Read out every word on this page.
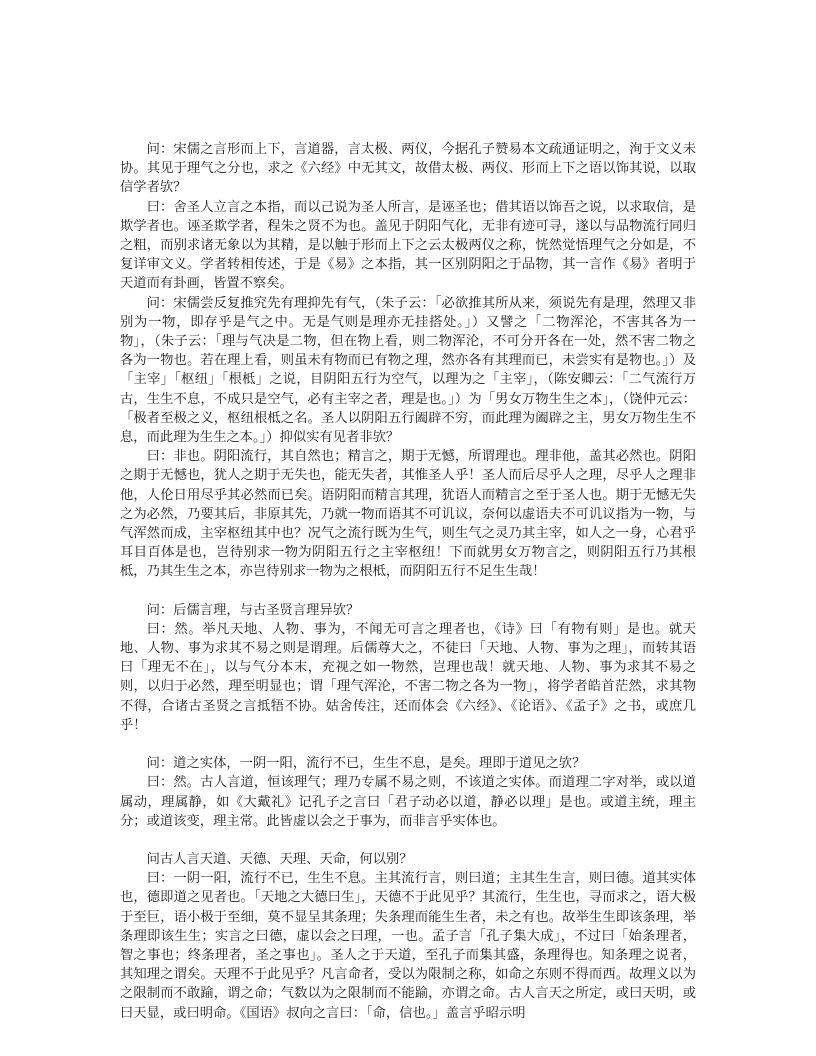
问：宋儒之言形而上下，言道器，言太极、两仪，今据孔子赞易本文疏通证明之，洵于文义未协。其见于理气之分也，求之《六经》中无其文，故借太极、两仪、形而上下之语以饰其说，以取信学者欤？

曰：舍圣人立言之本指，而以己说为圣人所言，是诬圣也；借其语以饰吾之说，以求取信，是欺学者也。诬圣欺学者，程朱之贤不为也。盖见于阴阳气化，无非有迹可寻，遂以与品物流行同归之粗，而别求诸无象以为其精，是以触于形而上下之云太极两仪之称，恍然觉悟理气之分如是，不复详审文义。学者转相传述，于是《易》之本指，其一区别阴阳之于品物，其一言作《易》者明于天道而有卦画，皆置不察矣。

问：宋儒尝反复推究先有理抑先有气，（朱子云：「必欲推其所从来，须说先有是理，然理又非别为一物，即存乎是气之中。无是气则是理亦无挂搭处。」）又譬之「二物浑沦，不害其各为一物」，（朱子云：「理与气决是二物，但在物上看，则二物浑沦，不可分开各在一处，然不害二物之各为一物也。若在理上看，则虽未有物而已有物之理，然亦各有其理而已，未尝实有是物也。」）及「主宰」「枢纽」「根柢」之说，目阴阳五行为空气，以理为之「主宰」，（陈安卿云：「二气流行万古，生生不息，不成只是空气，必有主宰之者，理是也。」）为「男女万物生生之本」，（饶仲元云：「极者至极之义，枢纽根柢之名。圣人以阴阳五行阖辟不穷，而此理为阖辟之主，男女万物生生不息，而此理为生生之本。」）抑似实有见者非欤？

曰：非也。阴阳流行，其自然也；精言之，期于无憾，所谓理也。理非他，盖其必然也。阴阳之期于无憾也，犹人之期于无失也，能无失者，其惟圣人乎！圣人而后尽乎人之理，尽乎人之理非他，人伦日用尽乎其必然而已矣。语阴阳而精言其理，犹语人而精言之至于圣人也。期于无憾无失之为必然，乃要其后，非原其先，乃就一物而语其不可讥议，奈何以虚语夫不可讥议指为一物，与气浑然而成，主宰枢纽其中也？况气之流行既为生气，则生气之灵乃其主宰，如人之一身，心君乎耳目百体是也，岂待别求一物为阴阳五行之主宰枢纽！下而就男女万物言之，则阴阳五行乃其根柢，乃其生生之本，亦岂待别求一物为之根柢，而阴阳五行不足生生哉！

问：后儒言理，与古圣贤言理异欤？

曰：然。举凡天地、人物、事为，不闻无可言之理者也，《诗》曰「有物有则」是也。就天地、人物、事为求其不易之则是谓理。后儒尊大之，不徒曰「天地、人物、事为之理」，而转其语曰「理无不在」，以与气分本末，充视之如一物然，岂理也哉！就天地、人物、事为求其不易之则，以归于必然，理至明显也；谓「理气浑沦，不害二物之各为一物」，将学者皓首茫然，求其物不得，合诸古圣贤之言抵牾不协。姑舍传注，还而体会《六经》、《论语》、《孟子》之书，或庶几乎！

问：道之实体，一阴一阳，流行不已，生生不息，是矣。理即于道见之欤？

曰：然。古人言道，恒该理气；理乃专属不易之则，不该道之实体。而道理二字对举，或以道属动，理属静，如《大戴礼》记孔子之言曰「君子动必以道，静必以理」是也。或道主统，理主分；或道该变，理主常。此皆虚以会之于事为，而非言乎实体也。

问古人言天道、天德、天理、天命，何以别？

曰：一阴一阳，流行不已，生生不息。主其流行言，则曰道；主其生生言，则曰德。道其实体也，德即道之见者也。「天地之大德曰生」，天德不于此见乎？其流行，生生也，寻而求之，语大极于至巨，语小极于至细，莫不显呈其条理；失条理而能生生者，未之有也。故举生生即该条理，举条理即该生生；实言之曰德，虚以会之曰理，一也。孟子言「孔子集大成」，不过曰「始条理者，智之事也；终条理者，圣之事也」。圣人之于天道，至孔子而集其盛，条理得也。知条理之说者，其知理之谓矣。天理不于此见乎？凡言命者，受以为限制之称，如命之东则不得而西。故理义以为之限制而不敢踰，谓之命；气数以为之限制而不能踰，亦谓之命。古人言天之所定，或曰天明，或曰天显，或曰明命。《国语》叔向之言曰：「命，信也。」盖言乎昭示明
